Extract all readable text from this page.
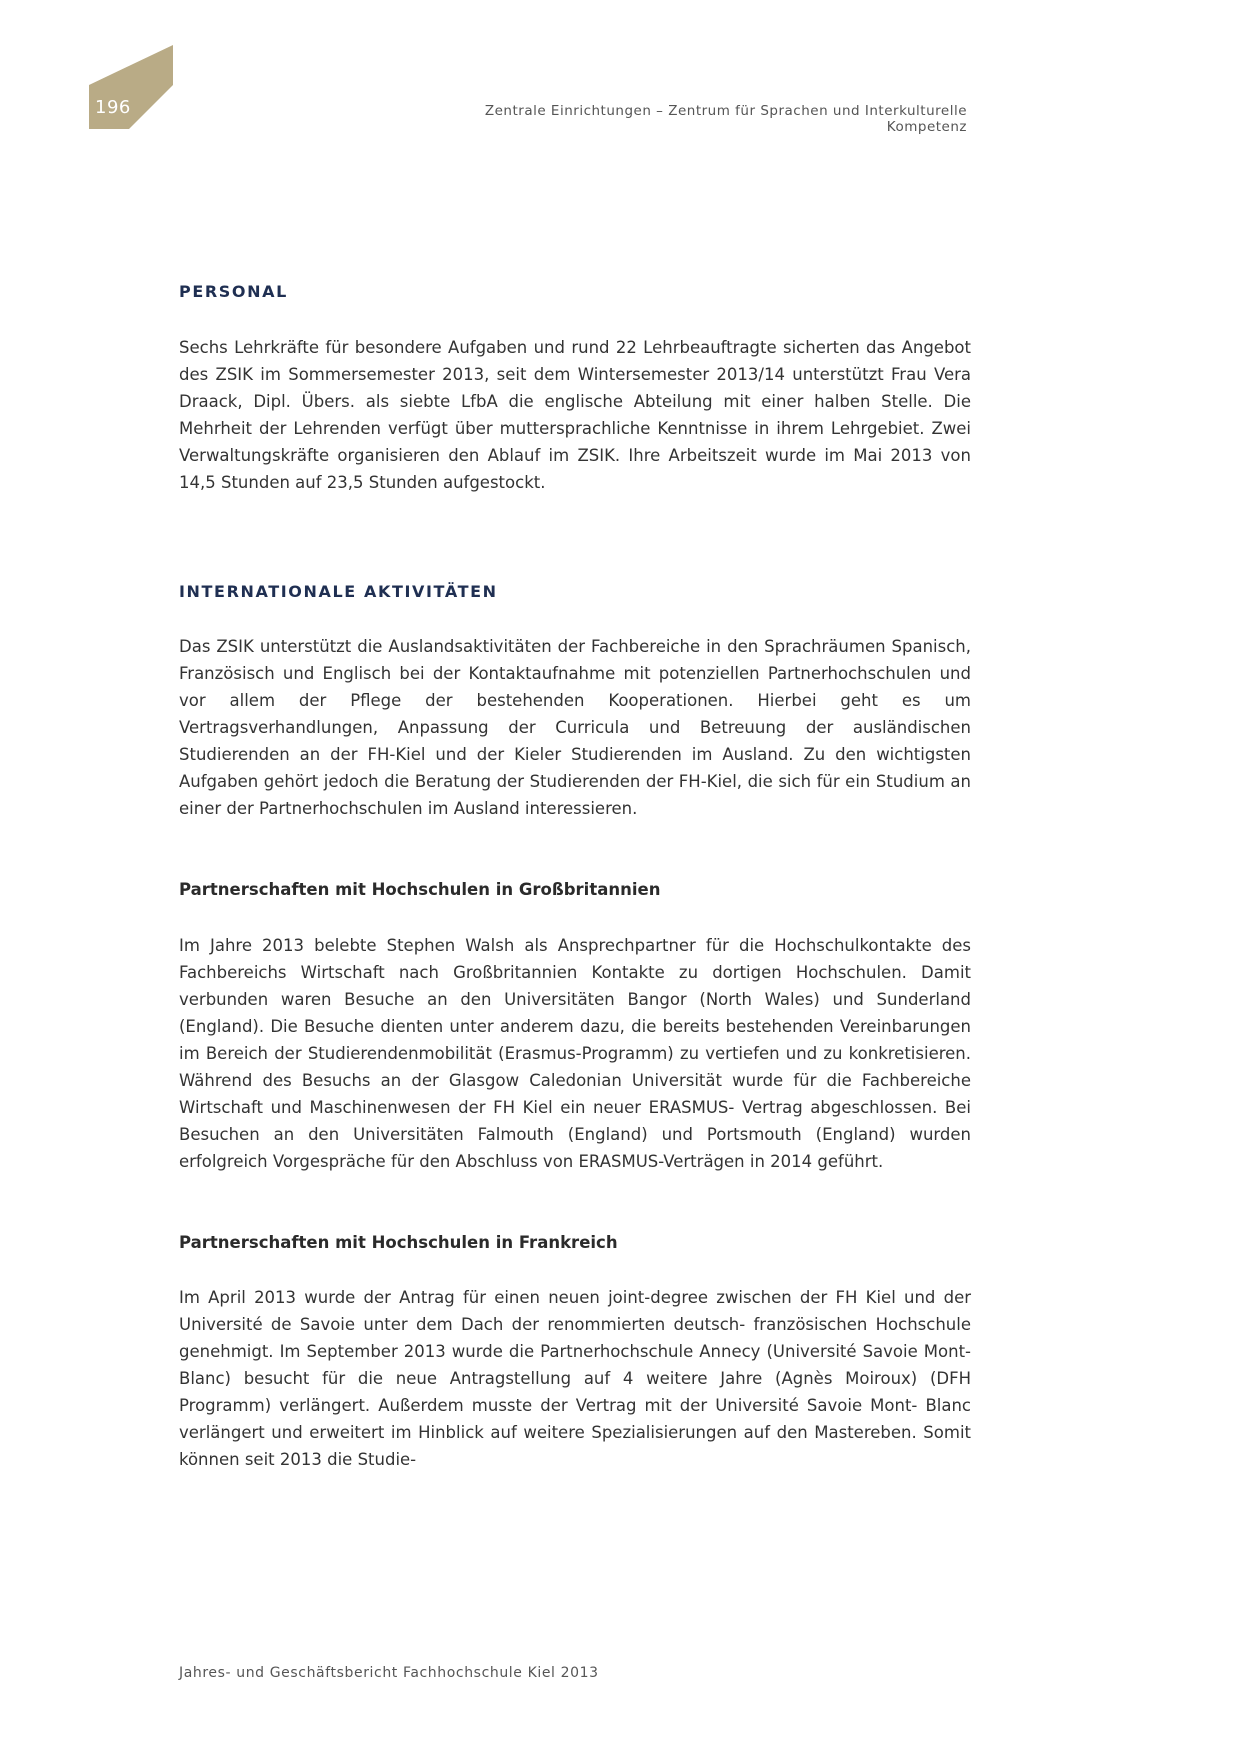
196	Zentrale Einrichtungen – Zentrum für Sprachen und Interkulturelle Kompetenz
PERSONAL

Sechs Lehrkräfte für besondere Aufgaben und rund 22 Lehrbeauftragte sicherten das Angebot des ZSIK im Sommersemester 2013, seit dem Wintersemester 2013/14 unterstützt Frau Vera Draack, Dipl. Übers. als siebte LfbA die englische Abteilung mit einer halben Stelle. Die Mehrheit der Lehrenden verfügt über muttersprachliche Kenntnisse in ihrem Lehrgebiet. Zwei Verwaltungskräfte organisieren den Ablauf im ZSIK. Ihre Arbeitszeit wurde im Mai 2013 von 14,5 Stunden auf 23,5 Stunden aufgestockt.

INTERNATIONALE AKTIVITÄTEN

Das ZSIK unterstützt die Auslandsaktivitäten der Fachbereiche in den Sprachräumen Spanisch, Französisch und Englisch bei der Kontaktaufnahme mit potenziellen Partnerhochschulen und vor allem der Pflege der bestehenden Kooperationen. Hierbei geht es um Vertragsverhandlungen, Anpassung der Curricula und Betreuung der ausländischen Studierenden an der FH-Kiel und der Kieler Studierenden im Ausland. Zu den wichtigsten Aufgaben gehört jedoch die Beratung der Studierenden der FH-Kiel, die sich für ein Studium an einer der Partnerhochschulen im Ausland interessieren.

Partnerschaften mit Hochschulen in Großbritannien

Im Jahre 2013 belebte Stephen Walsh als Ansprechpartner für die Hochschulkontakte des Fachbereichs Wirtschaft nach Großbritannien Kontakte zu dortigen Hochschulen. Damit verbunden waren Besuche an den Universitäten Bangor (North Wales) und Sunderland (England). Die Besuche dienten unter anderem dazu, die bereits bestehenden Vereinbarungen im Bereich der Studierendenmobilität (Erasmus-Programm) zu vertiefen und zu konkretisieren. Während des Besuchs an der Glasgow Caledonian Universität wurde für die Fachbereiche Wirtschaft und Maschinenwesen der FH Kiel ein neuer ERASMUS- Vertrag abgeschlossen. Bei Besuchen an den Universitäten Falmouth (England) und Portsmouth (England) wurden erfolgreich Vorgespräche für den Abschluss von ERASMUS-Verträgen in 2014 geführt.

Partnerschaften mit Hochschulen in Frankreich

Im April 2013 wurde der Antrag für einen neuen joint-degree zwischen der FH Kiel und der Université de Savoie unter dem Dach der renommierten deutsch- französischen Hochschule genehmigt. Im September 2013 wurde die Partnerhochschule Annecy (Université Savoie Mont-Blanc) besucht für die neue Antragstellung auf 4 weitere Jahre (Agnès Moiroux) (DFH Programm) verlängert. Außerdem musste der Vertrag mit der Université Savoie Mont- Blanc verlängert und erweitert im Hinblick auf weitere Spezialisierungen auf den Mastereben. Somit können seit 2013 die Studie-

Jahres- und Geschäftsbericht Fachhochschule Kiel 2013
